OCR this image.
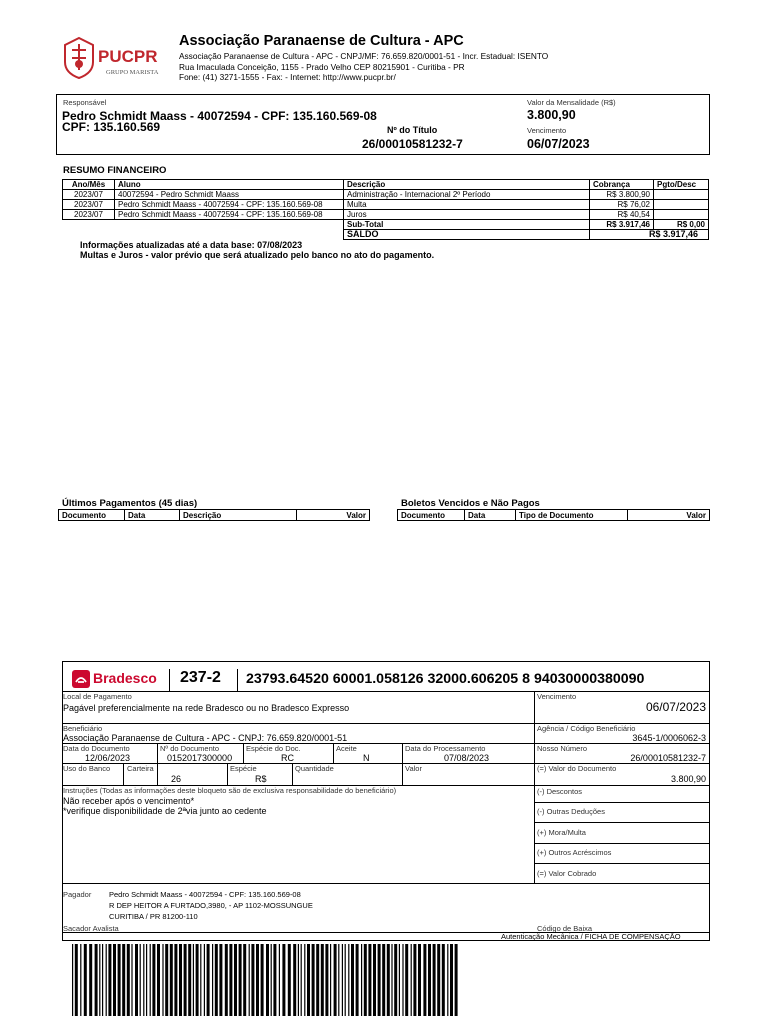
PUCPR
GRUPO MARISTA
Associação Paranaense de Cultura - APC
Associação Paranaense de Cultura - APC - CNPJ/MF: 76.659.820/0001-51 - Incr. Estadual: ISENTO
Rua Imaculada Conceição, 1155 - Prado Velho CEP 80215901 - Curitiba - PR
Fone: (41) 3271-1555 - Fax: - Internet: http://www.pucpr.br/
Responsável
Pedro Schmidt Maass - 40072594 - CPF: 135.160.569-08
CPF: 135.160.569	Nº do Título
26/00010581232-7
Valor da Mensalidade (R$)
3.800,90
Vencimento
06/07/2023
RESUMO FINANCEIRO
Ano/Mês	Aluno	Descrição	Cobrança	Pgto/Desc
2023/07	40072594 - Pedro Schmidt Maass	Administração - Internacional 2º Período	R$ 3.800,90	
2023/07	Pedro Schmidt Maass - 40072594 - CPF: 135.160.569-08	Multa	R$ 76,02	
2023/07	Pedro Schmidt Maass - 40072594 - CPF: 135.160.569-08	Juros	R$ 40,54	
		Sub-Total	R$ 3.917,46	R$ 0,00
		SALDO	R$ 3.917,46	
Informações atualizadas até a data base: 07/08/2023
Multas e Juros - valor prévio que será atualizado pelo banco no ato do pagamento.
Últimos Pagamentos (45 dias)
Documento	Data	Descrição	Valor
Boletos Vencidos e Não Pagos
Documento	Data	Tipo de Documento	Valor
Bradesco 237-2 23793.64520 60001.058126 32000.606205 8 94030000380090
Local de Pagamento
Pagável preferencialmente na rede Bradesco ou no Bradesco Expresso
Vencimento
06/07/2023
Beneficiário
Associação Paranaense de Cultura - APC - CNPJ: 76.659.820/0001-51
Agência / Código Beneficiário
3645-1/0006062-3
Data do Documento
12/06/2023
Nº do Documento
0152017300000
Espécie do Doc.
RC
Aceite
N
Data do Processamento
07/08/2023
Nosso Número
26/00010581232-7
Uso do Banco Carteira
26
Espécie
R$
Quantidade	Valor	(=) Valor do Documento
3.800,90
Instruções (Todas as informações deste bloqueto são de exclusiva responsabilidade do beneficiário)
Não receber após o vencimento*
*verifique disponibilidade de 2ªvia junto ao cedente
(-) Descontos
(-) Outras Deduções
(+) Mora/Multa
(+) Outros Acréscimos
(=) Valor Cobrado
Pagador Pedro Schmidt Maass - 40072594 - CPF: 135.160.569-08
R DEP HEITOR A FURTADO,3980, - AP 1102-MOSSUNGUE
CURITIBA / PR 81200-110
Sacador Avalista	Código de Baixa
Autenticação Mecânica / FICHA DE COMPENSAÇÃO
